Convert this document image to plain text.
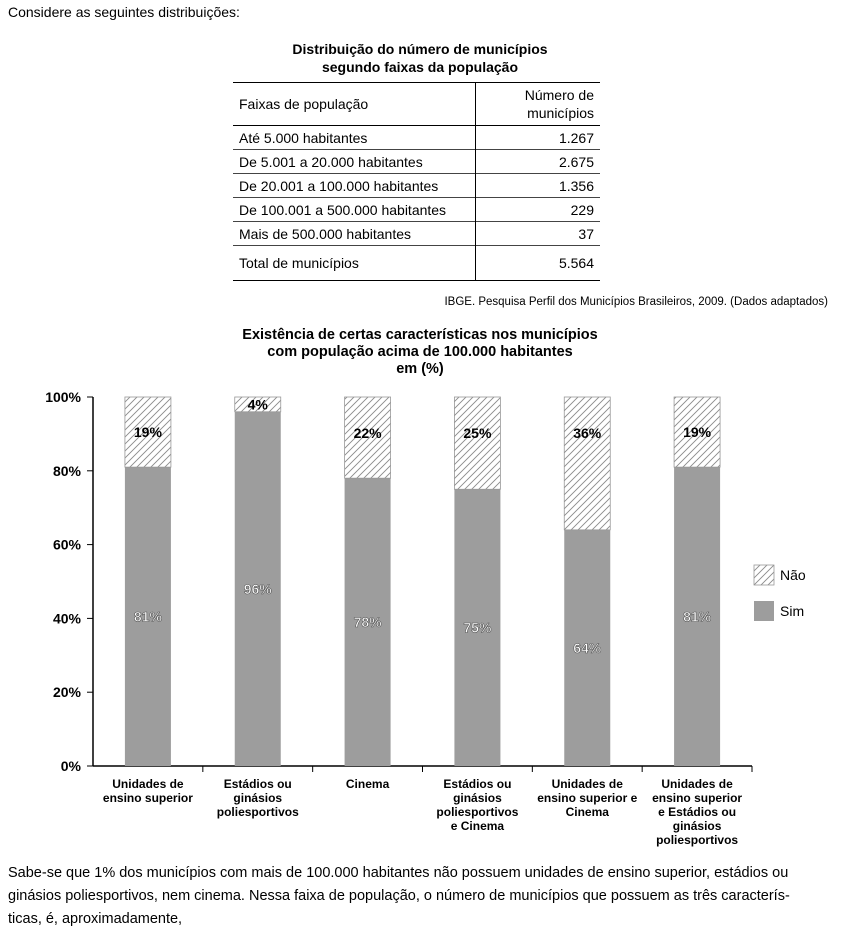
Considere as seguintes distribuições:
Distribuição do número de municípios
segundo faixas da população
Faixas de população	Número de
municípios

Até 5.000 habitantes	1.267
De 5.001 a 20.000 habitantes	2.675
De 20.001 a 100.000 habitantes	1.356
De 100.001 a 500.000 habitantes	229
Mais de 500.000 habitantes	37
Total de municípios	5.564
IBGE. Pesquisa Perfil dos Municípios Brasileiros, 2009. (Dados adaptados)
Existência de certas características nos municípios
com população acima de 100.000 habitantes
em (%)
0%
20%
40%
60%
80%
100%
81%
19%
Unidades de
ensino superior
96%
4%
Estádios ou
ginásios
poliesportivos
78%
22%
Cinema
75%
25%
Estádios ou
ginásios
poliesportivos
e Cinema
64%
36%
Unidades de
ensino superior e
Cinema
81%
19%
Unidades de
ensino superior
e Estádios ou
ginásios
poliesportivos
Não
Sim
Sabe-se que 1% dos municípios com mais de 100.000 habitantes não possuem unidades de ensino superior, estádios ou
ginásios poliesportivos, nem cinema. Nessa faixa de população, o número de municípios que possuem as três caracterís-
ticas, é, aproximadamente,
